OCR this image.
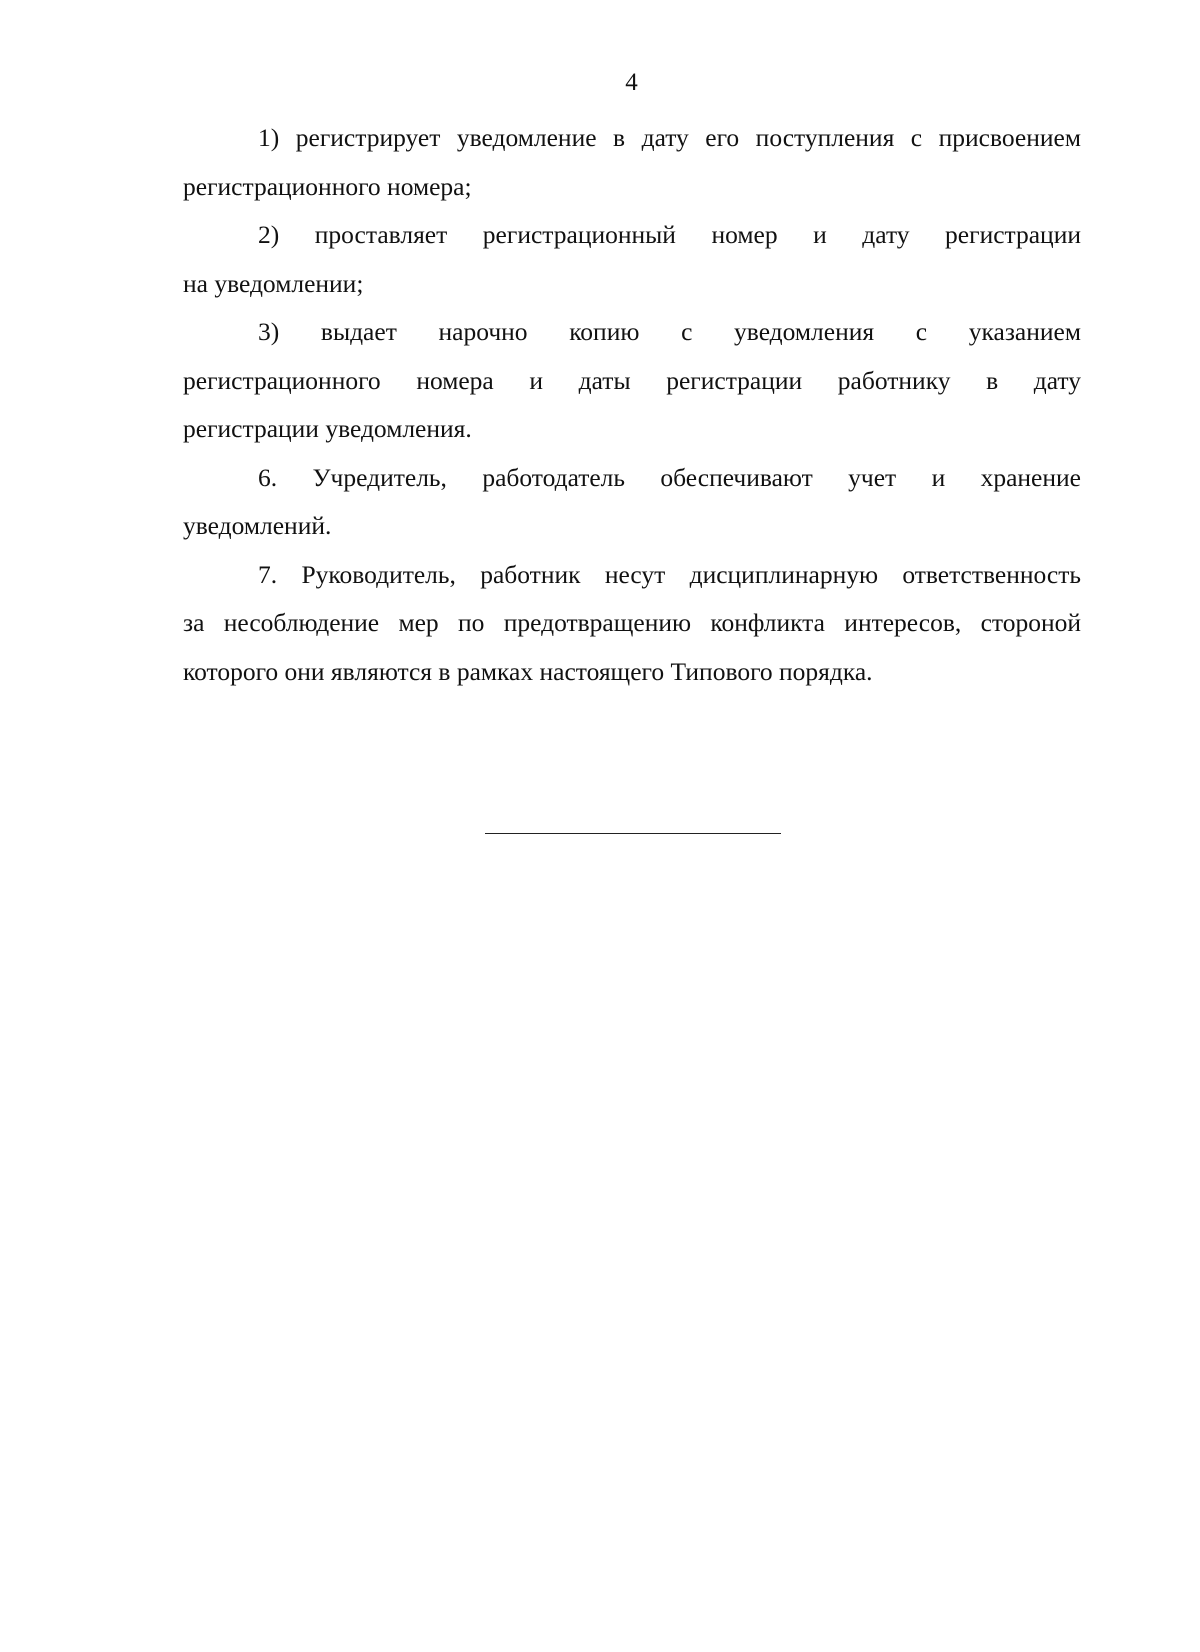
4

1) регистрирует уведомление в дату его поступления с присвоением
регистрационного номера;

2) проставляет регистрационный номер и дату регистрации
на уведомлении;

3) выдает нарочно копию с уведомления с указанием
регистрационного номера и даты регистрации работнику в дату
регистрации уведомления.

6. Учредитель, работодатель обеспечивают учет и хранение
уведомлений.

7. Руководитель, работник несут дисциплинарную ответственность
за несоблюдение мер по предотвращению конфликта интересов, стороной
которого они являются в рамках настоящего Типового порядка.
